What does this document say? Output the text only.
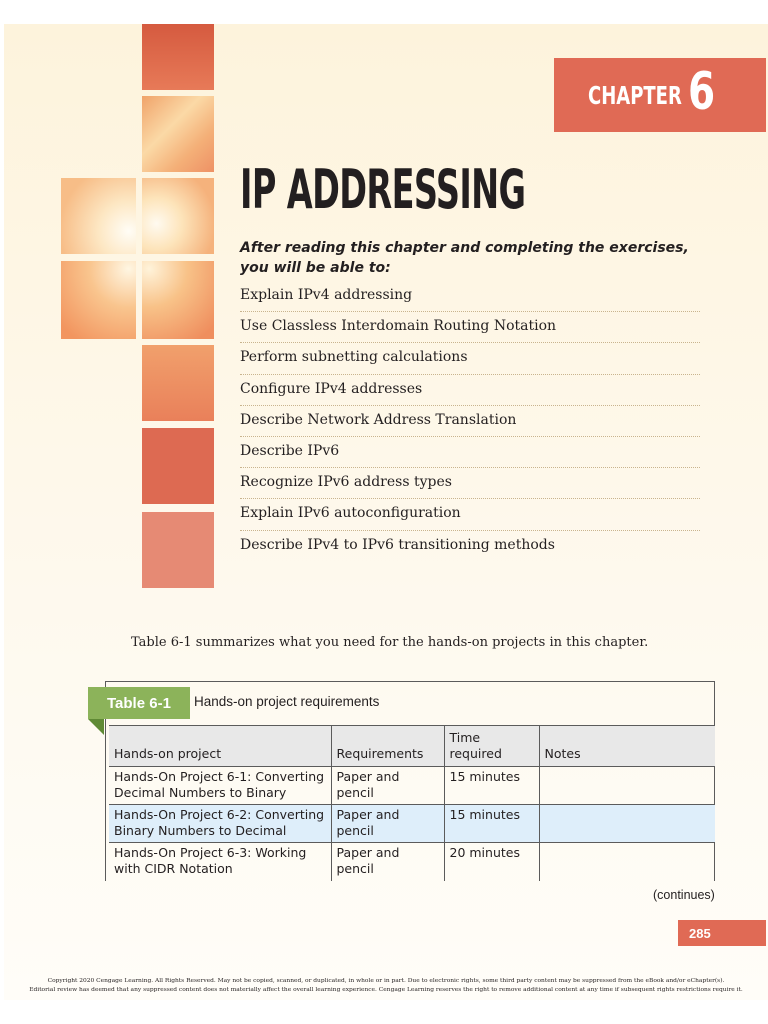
CHAPTER 6
IP ADDRESSING
After reading this chapter and completing the exercises, you will be able to:
Explain IPv4 addressing
Use Classless Interdomain Routing Notation
Perform subnetting calculations
Configure IPv4 addresses
Describe Network Address Translation
Describe IPv6
Recognize IPv6 address types
Explain IPv6 autoconfiguration
Describe IPv4 to IPv6 transitioning methods
Table 6-1 summarizes what you need for the hands-on projects in this chapter.
Table 6-1	Hands-on project requirements
Hands-on project	Requirements	Time required	Notes
Hands-On Project 6-1: Converting Decimal Numbers to Binary	Paper and pencil	15 minutes	
Hands-On Project 6-2: Converting Binary Numbers to Decimal	Paper and pencil	15 minutes	
Hands-On Project 6-3: Working with CIDR Notation	Paper and pencil	20 minutes	
(continues)
285
Copyright 2020 Cengage Learning. All Rights Reserved. May not be copied, scanned, or duplicated, in whole or in part. Due to electronic rights, some third party content may be suppressed from the eBook and/or eChapter(s).
Editorial review has deemed that any suppressed content does not materially affect the overall learning experience. Cengage Learning reserves the right to remove additional content at any time if subsequent rights restrictions require it.
